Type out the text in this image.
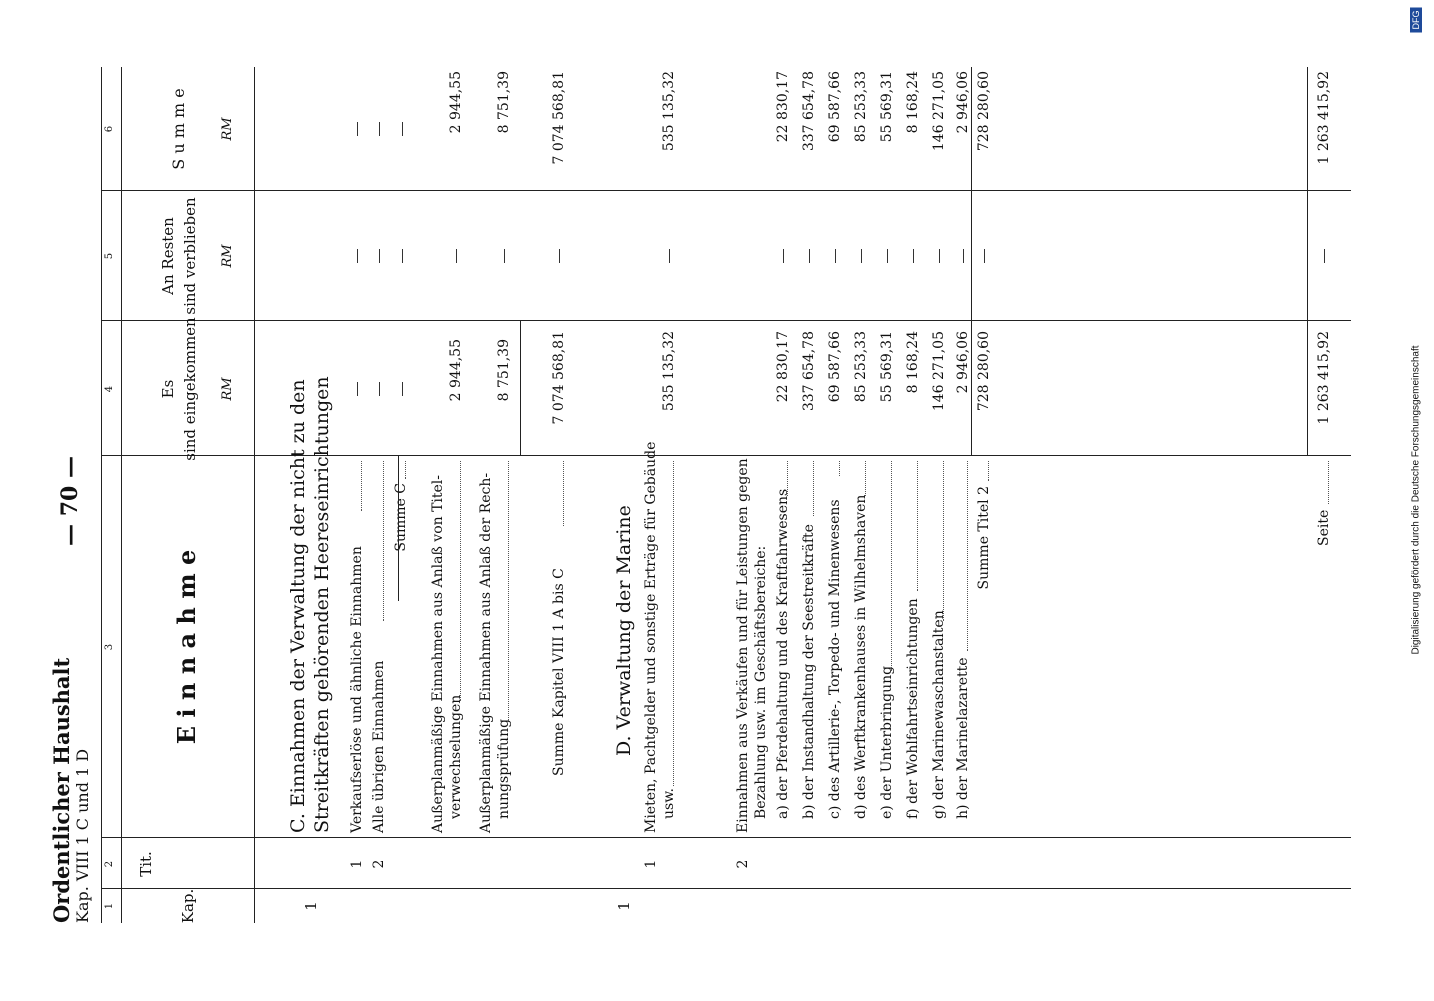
Ordentlicher Haushalt Kap. VIII 1 C und 1 D
— 70 —
1
2
3
4
5
6
Kap.
Tit.
E i n n a h m e
Es sind eingekommen RM
An Resten sind verblieben RM
S u m m e RM
1
C. Einnahmen der Verwaltung der nicht zu den Streitkräften gehörenden Heereseinrichtungen
1
Verkaufserlöse und ähnliche Einnahmen
2
Alle übrigen Einnahmen
Summe C Außerplanmäßige Einnahmen aus Anlaß von Titel- verwechselungen
2 944,55
2 944,55
Außerplanmäßige Einnahmen aus Anlaß der Rech- nungsprüfung
8 751,39
8 751,39
Summe Kapitel VIII 1 A bis C
7 074 568,81
7 074 568,81
1
D. Verwaltung der Marine
1
Mieten, Pachtgelder und sonstige Erträge für Gebäude usw.
535 135,32
535 135,32
2
Einnahmen aus Verkäufen und für Leistungen gegen Bezahlung usw. im Geschäftsbereiche: a) der Pferdehaltung und des Kraftfahrwesens
22 830,17
22 830,17
b) der Instandhaltung der Seestreitkräfte
337 654,78
337 654,78
c) des Artillerie-, Torpedo- und Minenwesens
69 587,66
69 587,66
d) des Werftkrankenhauses in Wilhelmshaven
85 253,33
85 253,33
e) der Unterbringung
55 569,31
55 569,31
f) der Wohlfahrtseinrichtungen
8 168,24
8 168,24
g) der Marinewaschanstalten
146 271,05
146 271,05
h) der Marinelazarette
2 946,06
2 946,06
Summe Titel 2
728 280,60
728 280,60
Seite
1 263 415,92
1 263 415,92
Digitalisierung gefördert durch die Deutsche Forschungsgemeinschaft
DFG
